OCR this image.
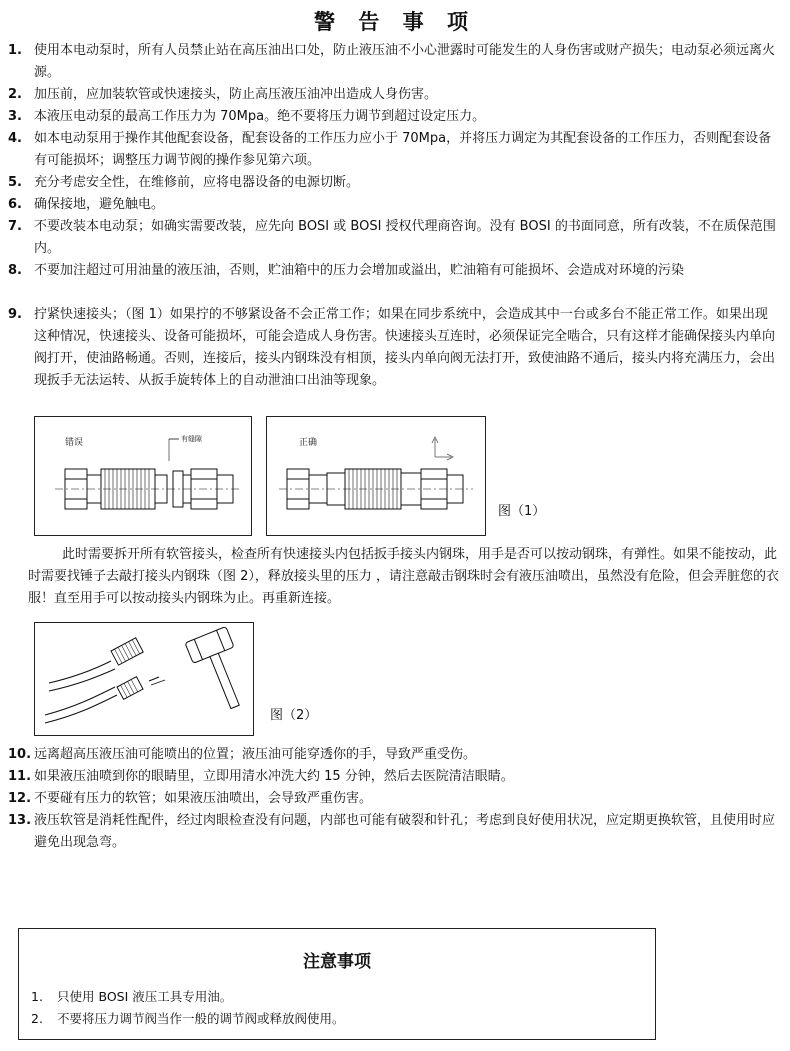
警 告 事 项
1. 使用本电动泵时，所有人员禁止站在高压油出口处，防止液压油不小心泄露时可能发生的人身伤害或财产损失；电动泵必须远离火源。
2. 加压前，应加装软管或快速接头，防止高压液压油冲出造成人身伤害。
3. 本液压电动泵的最高工作压力为 70Mpa。绝不要将压力调节到超过设定压力。
4. 如本电动泵用于操作其他配套设备，配套设备的工作压力应小于 70Mpa，并将压力调定为其配套设备的工作压力，否则配套设备有可能损坏；调整压力调节阀的操作参见第六项。
5. 充分考虑安全性，在维修前，应将电器设备的电源切断。
6. 确保接地，避免触电。
7. 不要改装本电动泵；如确实需要改装，应先向 BOSI 或 BOSI 授权代理商咨询。没有 BOSI 的书面同意，所有改装，不在质保范围内。
8. 不要加注超过可用油量的液压油，否则，贮油箱中的压力会增加或溢出，贮油箱有可能损坏、会造成对环境的污染
9. 拧紧快速接头；（图 1）如果拧的不够紧设备不会正常工作；如果在同步系统中，会造成其中一台或多台不能正常工作。如果出现这种情况，快速接头、设备可能损坏，可能会造成人身伤害。快速接头互连时，必须保证完全啮合，只有这样才能确保接头内单向阀打开，使油路畅通。否则，连接后，接头内钢珠没有相顶，接头内单向阀无法打开，致使油路不通后，接头内将充满压力，会出现扳手无法运转、从扳手旋转体上的自动泄油口出油等现象。
错误	有缝隙	正确
图（1）
此时需要拆开所有软管接头，检查所有快速接头内包括扳手接头内钢珠，用手是否可以按动钢珠，有弹性。如果不能按动，此时需要找锤子去敲打接头内钢珠（图 2），释放接头里的压力 ，请注意敲击钢珠时会有液压油喷出，虽然没有危险，但会弄脏您的衣服！直至用手可以按动接头内钢珠为止。再重新连接。
图（2）
10. 远离超高压液压油可能喷出的位置；液压油可能穿透你的手，导致严重受伤。
11. 如果液压油喷到你的眼睛里，立即用清水冲洗大约 15 分钟，然后去医院清洁眼睛。
12. 不要碰有压力的软管；如果液压油喷出，会导致严重伤害。
13. 液压软管是消耗性配件，经过肉眼检查没有问题，内部也可能有破裂和针孔；考虑到良好使用状况，应定期更换软管，且使用时应避免出现急弯。
注意事项
1. 只使用 BOSI 液压工具专用油。
2. 不要将压力调节阀当作一般的调节阀或释放阀使用。
